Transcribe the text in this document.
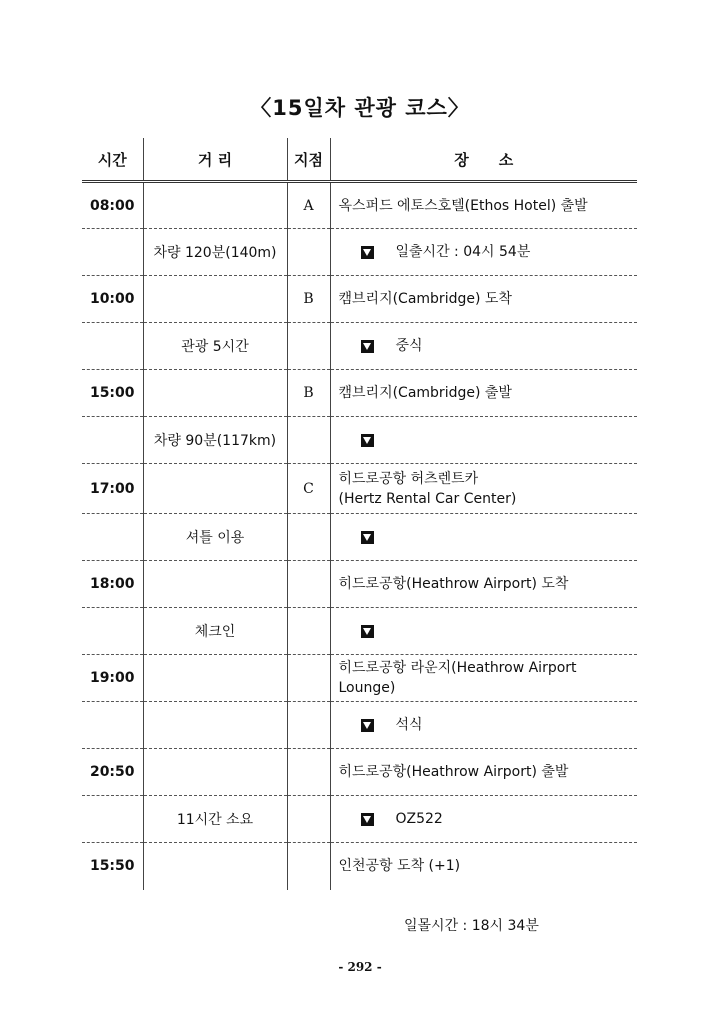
〈15일차 관광 코스〉
시간	거 리	지점	장　　소
08:00		A	옥스퍼드 에토스호텔(Ethos Hotel) 출발
	차량 120분(140m)		일출시간 : 04시 54분
10:00		B	캠브리지(Cambridge) 도착
	관광 5시간		중식
15:00		B	캠브리지(Cambridge) 출발
	차량 90분(117km)		
17:00		C	히드로공항 허츠렌트카
(Hertz Rental Car Center)
	셔틀 이용		
18:00			히드로공항(Heathrow Airport) 도착
	체크인		
19:00			히드로공항 라운지(Heathrow Airport Lounge)
			석식
20:50			히드로공항(Heathrow Airport) 출발
	11시간 소요		OZ522
15:50			인천공항 도착 (+1)
일몰시간 : 18시 34분
- 292 -
